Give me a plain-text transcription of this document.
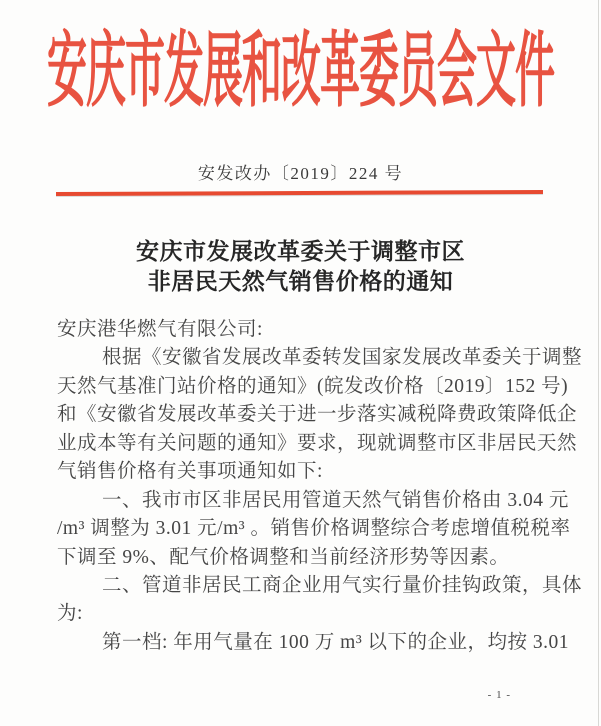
安庆市发展和改革委员会文件
安发改办〔2019〕224 号
安庆市发展改革委关于调整市区
非居民天然气销售价格的通知
安庆港华燃气有限公司:
根据《安徽省发展改革委转发国家发展改革委关于调整
天然气基准门站价格的通知》(皖发改价格〔2019〕152 号)
和《安徽省发展改革委关于进一步落实减税降费政策降低企
业成本等有关问题的通知》要求，现就调整市区非居民天然
气销售价格有关事项通知如下:
一、我市市区非居民用管道天然气销售价格由 3.04 元
/m³ 调整为 3.01 元/m³ 。销售价格调整综合考虑增值税税率
下调至 9%、配气价格调整和当前经济形势等因素。
二、管道非居民工商企业用气实行量价挂钩政策，具体
为:
第一档: 年用气量在 100 万 m³ 以下的企业，均按 3.01
- 1 -
